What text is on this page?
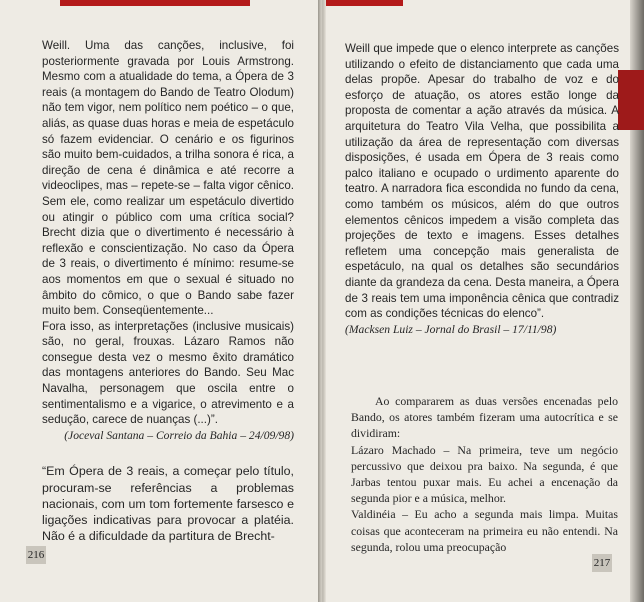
Weill. Uma das canções, inclusive, foi posteriormente gravada por Louis Armstrong. Mesmo com a atualidade do tema, a Ópera de 3 reais (a montagem do Bando de Teatro Olodum) não tem vigor, nem político nem poético – o que, aliás, as quase duas horas e meia de espetáculo só fazem evidenciar. O cenário e os figurinos são muito bem-cuidados, a trilha sonora é rica, a direção de cena é dinâmica e até recorre a videoclipes, mas – repete-se – falta vigor cênico. Sem ele, como realizar um espetáculo divertido ou atingir o público com uma crítica social? Brecht dizia que o divertimento é necessário à reflexão e conscientização. No caso da Ópera de 3 reais, o divertimento é mínimo: resume-se aos momentos em que o sexual é situado no âmbito do cômico, o que o Bando sabe fazer muito bem. Conseqüentemente...

Fora isso, as interpretações (inclusive musicais) são, no geral, frouxas. Lázaro Ramos não consegue desta vez o mesmo êxito dramático das montagens anteriores do Bando. Seu Mac Navalha, personagem que oscila entre o sentimentalismo e a vigarice, o atrevimento e a sedução, carece de nuanças (...)”.

(Joceval Santana – Correio da Bahia – 24/09/98)

“Em Ópera de 3 reais, a começar pelo título, procuram-se referências a problemas nacionais, com um tom fortemente farsesco e ligações indicativas para provocar a platéia. Não é a dificuldade da partitura de Brecht-

216

Weill que impede que o elenco interprete as canções utilizando o efeito de distanciamento que cada uma delas propõe. Apesar do trabalho de voz e do esforço de atuação, os atores estão longe da proposta de comentar a ação através da música. A arquitetura do Teatro Vila Velha, que possibilita a utilização da área de representação com diversas disposições, é usada em Ópera de 3 reais como palco italiano e ocupado o urdimento aparente do teatro. A narradora fica escondida no fundo da cena, como também os músicos, além do que outros elementos cênicos impedem a visão completa das projeções de texto e imagens. Esses detalhes refletem uma concepção mais generalista de espetáculo, na qual os detalhes são secundários diante da grandeza da cena. Desta maneira, a Ópera de 3 reais tem uma imponência cênica que contradiz com as condições técnicas do elenco”.

(Macksen Luiz – Jornal do Brasil – 17/11/98)

Ao compararem as duas versões encenadas pelo Bando, os atores também fizeram uma autocrítica e se dividiram:

Lázaro Machado – Na primeira, teve um negócio percussivo que deixou pra baixo. Na segunda, é que Jarbas tentou puxar mais. Eu achei a encenação da segunda pior e a música, melhor.

Valdinéia – Eu acho a segunda mais limpa. Muitas coisas que aconteceram na primeira eu não entendi. Na segunda, rolou uma preocupação

217
